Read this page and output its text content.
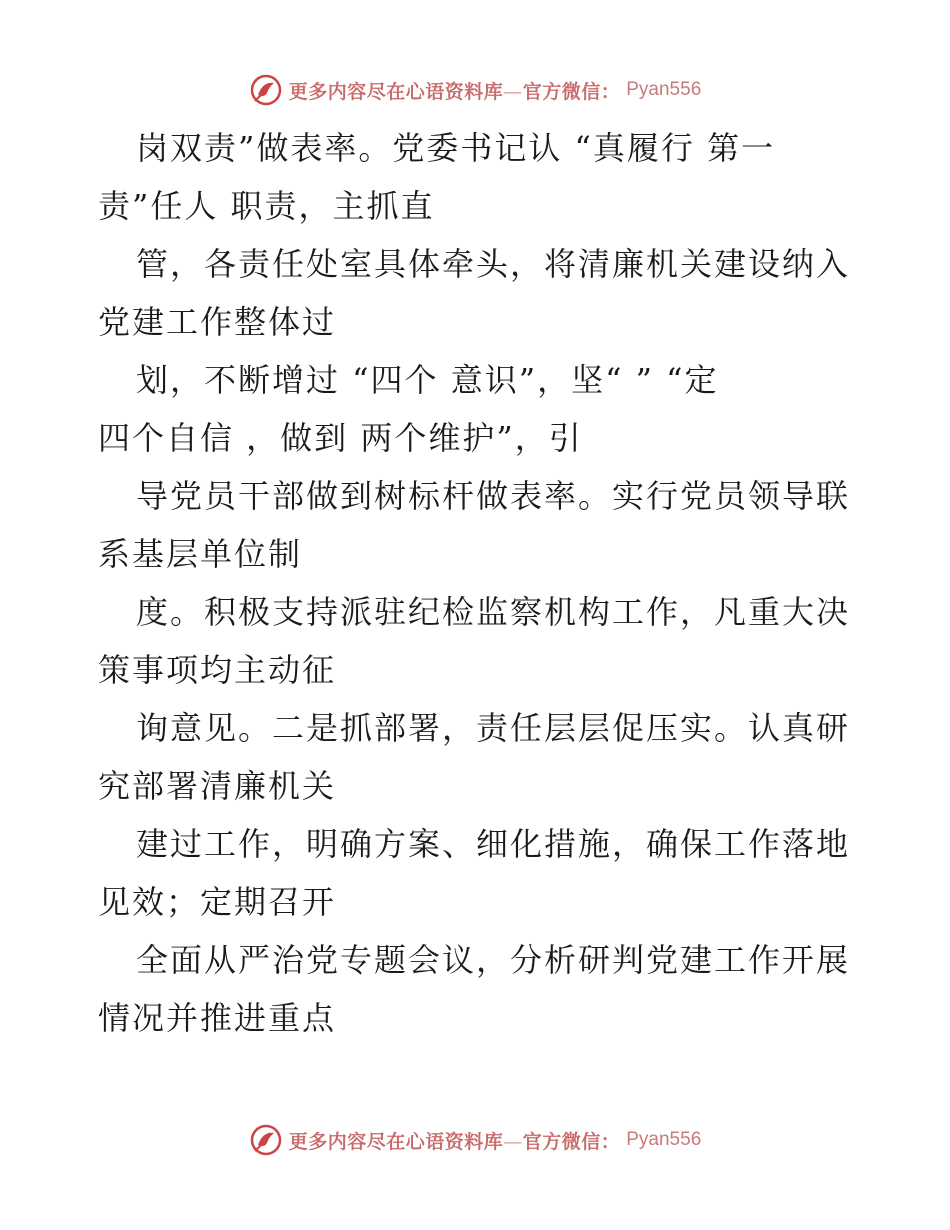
更多内容尽在心语资料库—官方微信： Pyan556
岗双责”做表率。党委书记认 “真履行 第一
责”任人 职责，主抓直
管，各责任处室具体牵头，将清廉机关建设纳入
党建工作整体过
划，不断增过 “四个 意识”，坚“ ” “定
四个自信 ，做到 两个维护”，引
导党员干部做到树标杆做表率。实行党员领导联
系基层单位制
度。积极支持派驻纪检监察机构工作，凡重大决
策事项均主动征
询意见。二是抓部署，责任层层促压实。认真研
究部署清廉机关
建过工作，明确方案、细化措施，确保工作落地
见效；定期召开
全面从严治党专题会议，分析研判党建工作开展
情况并推进重点
更多内容尽在心语资料库—官方微信： Pyan556
